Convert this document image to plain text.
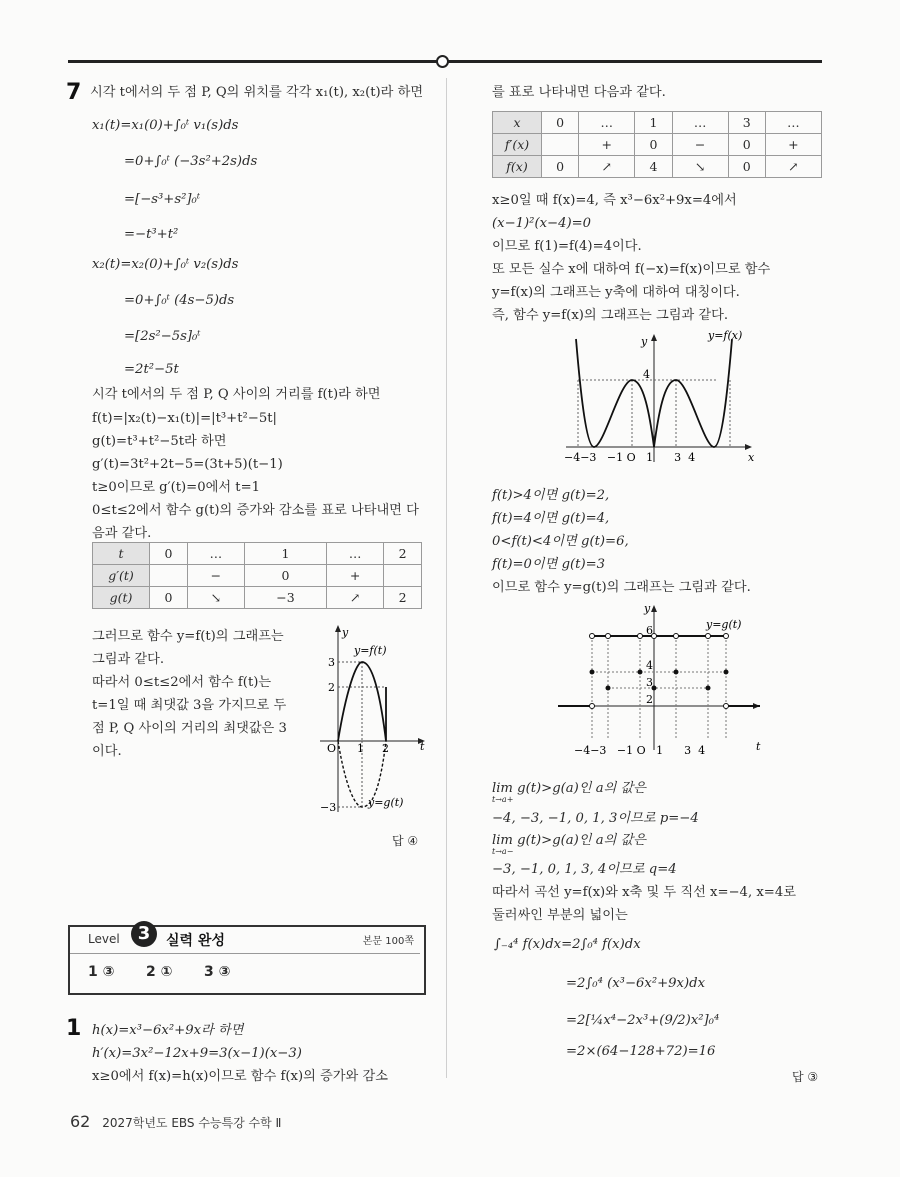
7 시각 t에서의 두 점 P, Q의 위치를 각각 x₁(t), x₂(t)라 하면
x₁(t)=x₁(0)+∫₀ᵗ v₁(s)ds
=0+∫₀ᵗ (−3s²+2s)ds
=[−s³+s²]₀ᵗ
=−t³+t²
x₂(t)=x₂(0)+∫₀ᵗ v₂(s)ds
=0+∫₀ᵗ (4s−5)ds
=[2s²−5s]₀ᵗ
=2t²−5t
시각 t에서의 두 점 P, Q 사이의 거리를 f(t)라 하면
f(t)=|x₂(t)−x₁(t)|=|t³+t²−5t|
g(t)=t³+t²−5t라 하면
g′(t)=3t²+2t−5=(3t+5)(t−1)
t≥0이므로 g′(t)=0에서 t=1
0≤t≤2에서 함수 g(t)의 증가와 감소를 표로 나타내면 다
음과 같다.
t	0	…	1	…	2
g′(t)		−	0	+	
g(t)	0	↘	−3	↗	2
그러므로 함수 y=f(t)의 그래프는
그림과 같다.
따라서 0≤t≤2에서 함수 f(t)는
t=1일 때 최댓값 3을 가지므로 두
점 P, Q 사이의 거리의 최댓값은 3
이다.
y
t
O 1 2
3
2
−3
y=f(t)
y=g(t)
답 ④
Level	3	실력 완성	본문 100쪽
1 ③ 2 ① 3 ③
1 h(x)=x³−6x²+9x라 하면
h′(x)=3x²−12x+9=3(x−1)(x−3)
x≥0에서 f(x)=h(x)이므로 함수 f(x)의 증가와 감소
를 표로 나타내면 다음과 같다.
x	0	…	1	…	3	…
f′(x)		+	0	−	0	+
f(x)	0	↗	4	↘	0	↗
x≥0일 때 f(x)=4, 즉 x³−6x²+9x=4에서
(x−1)²(x−4)=0
이므로 f(1)=f(4)=4이다.
또 모든 실수 x에 대하여 f(−x)=f(x)이므로 함수
y=f(x)의 그래프는 y축에 대하여 대칭이다.
즉, 함수 y=f(x)의 그래프는 그림과 같다.
y
x
4
y=f(x)
−4−3   −1 O   1      3  4
f(t)>4이면 g(t)=2,
f(t)=4이면 g(t)=4,
0<f(t)<4이면 g(t)=6,
f(t)=0이면 g(t)=3
이므로 함수 y=g(t)의 그래프는 그림과 같다.
y
t
6
4
3
2
y=g(t)
−4−3   −1 O   1      3  4
lim g(t)>g(a)인 a의 값은
t→a+
−4, −3, −1, 0, 1, 3이므로 p=−4
lim g(t)>g(a)인 a의 값은
t→a−
−3, −1, 0, 1, 3, 4이므로 q=4
따라서 곡선 y=f(x)와 x축 및 두 직선 x=−4, x=4로
둘러싸인 부분의 넓이는
∫₋₄⁴ f(x)dx=2∫₀⁴ f(x)dx
=2∫₀⁴ (x³−6x²+9x)dx
=2[¼x⁴−2x³+(9/2)x²]₀⁴
=2×(64−128+72)=16
답 ③
62 2027학년도 EBS 수능특강 수학 Ⅱ
